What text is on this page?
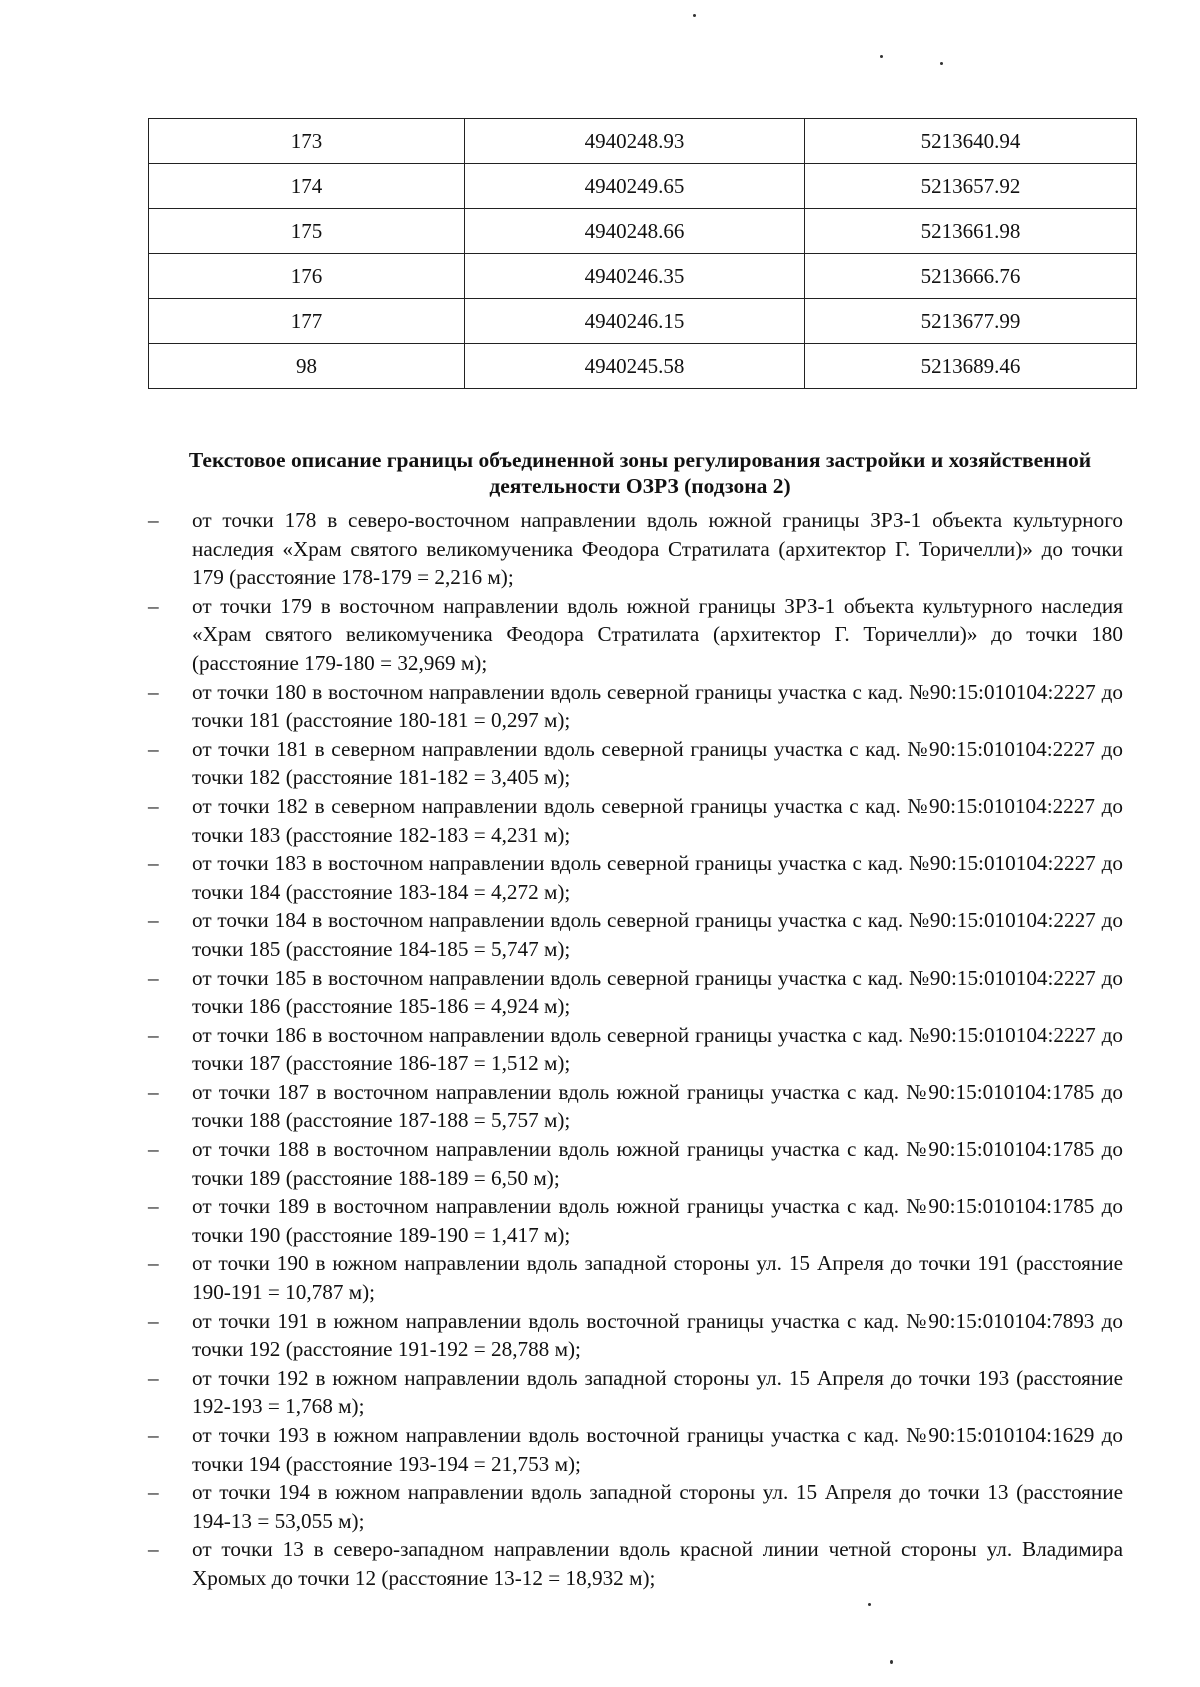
173	4940248.93	5213640.94
174	4940249.65	5213657.92
175	4940248.66	5213661.98
176	4940246.35	5213666.76
177	4940246.15	5213677.99
98	4940245.58	5213689.46
Текстовое описание границы объединенной зоны регулирования застройки и хозяйственной деятельности ОЗРЗ (подзона 2)
–	от точки 178 в северо-восточном направлении вдоль южной границы ЗРЗ-1 объекта культурного наследия «Храм святого великомученика Феодора Стратилата (архитектор Г. Торичелли)» до точки 179 (расстояние 178-179 = 2,216 м);
–	от точки 179 в восточном направлении вдоль южной границы ЗРЗ-1 объекта культурного наследия «Храм святого великомученика Феодора Стратилата (архитектор Г. Торичелли)» до точки 180 (расстояние 179-180 = 32,969 м);
–	от точки 180 в восточном направлении вдоль северной границы участка с кад. №90:15:010104:2227 до точки 181 (расстояние 180-181 = 0,297 м);
–	от точки 181 в северном направлении вдоль северной границы участка с кад. №90:15:010104:2227 до точки 182 (расстояние 181-182 = 3,405 м);
–	от точки 182 в северном направлении вдоль северной границы участка с кад. №90:15:010104:2227 до точки 183 (расстояние 182-183 = 4,231 м);
–	от точки 183 в восточном направлении вдоль северной границы участка с кад. №90:15:010104:2227 до точки 184 (расстояние 183-184 = 4,272 м);
–	от точки 184 в восточном направлении вдоль северной границы участка с кад. №90:15:010104:2227 до точки 185 (расстояние 184-185 = 5,747 м);
–	от точки 185 в восточном направлении вдоль северной границы участка с кад. №90:15:010104:2227 до точки 186 (расстояние 185-186 = 4,924 м);
–	от точки 186 в восточном направлении вдоль северной границы участка с кад. №90:15:010104:2227 до точки 187 (расстояние 186-187 = 1,512 м);
–	от точки 187 в восточном направлении вдоль южной границы участка с кад. №90:15:010104:1785 до точки 188 (расстояние 187-188 = 5,757 м);
–	от точки 188 в восточном направлении вдоль южной границы участка с кад. №90:15:010104:1785 до точки 189 (расстояние 188-189 = 6,50 м);
–	от точки 189 в восточном направлении вдоль южной границы участка с кад. №90:15:010104:1785 до точки 190 (расстояние 189-190 = 1,417 м);
–	от точки 190 в южном направлении вдоль западной стороны ул. 15 Апреля до точки 191 (расстояние 190-191 = 10,787 м);
–	от точки 191 в южном направлении вдоль восточной границы участка с кад. №90:15:010104:7893 до точки 192 (расстояние 191-192 = 28,788 м);
–	от точки 192 в южном направлении вдоль западной стороны ул. 15 Апреля до точки 193 (расстояние 192-193 = 1,768 м);
–	от точки 193 в южном направлении вдоль восточной границы участка с кад. №90:15:010104:1629 до точки 194 (расстояние 193-194 = 21,753 м);
–	от точки 194 в южном направлении вдоль западной стороны ул. 15 Апреля до точки 13 (расстояние 194-13 = 53,055 м);
–	от точки 13 в северо-западном направлении вдоль красной линии четной стороны ул. Владимира Хромых до точки 12 (расстояние 13-12 = 18,932 м);
